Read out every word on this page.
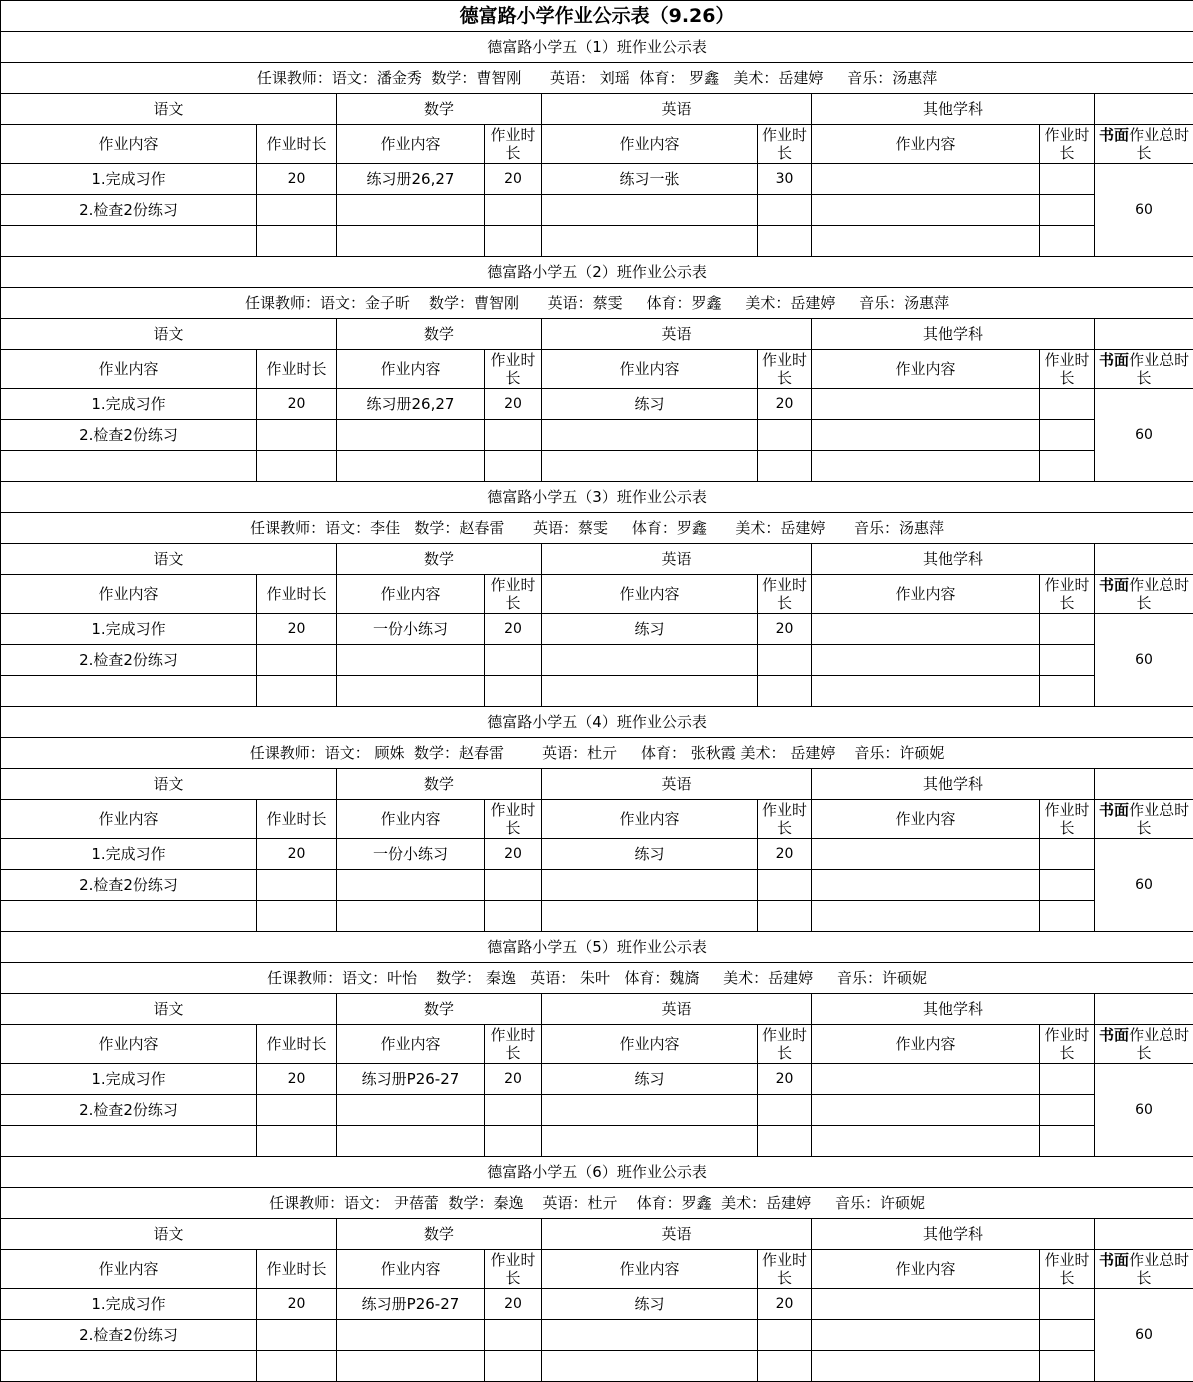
德富路小学作业公示表（9.26）								
德富路小学五（1）班作业公示表								
任课教师：语文：潘金秀  数学：曹智刚      英语： 刘瑶  体育： 罗鑫   美术：岳建婷     音乐：汤惠萍								
语文		数学		英语		其他学科		
作业内容	作业时长	作业内容	作业时长	作业内容	作业时长	作业内容	作业时长	书面作业总时长
1.完成习作	20	练习册26,27	20	练习一张	30			60
2.检查2份练习								

德富路小学五（2）班作业公示表								
任课教师：语文：金子昕    数学：曹智刚      英语：蔡雯     体育：罗鑫     美术：岳建婷     音乐：汤惠萍								
语文		数学		英语		其他学科		
作业内容	作业时长	作业内容	作业时长	作业内容	作业时长	作业内容	作业时长	书面作业总时长
1.完成习作	20	练习册26,27	20	练习	20			60
2.检查2份练习								

德富路小学五（3）班作业公示表								
任课教师：语文：李佳   数学：赵春雷      英语：蔡雯     体育：罗鑫      美术：岳建婷      音乐：汤惠萍								
语文		数学		英语		其他学科		
作业内容	作业时长	作业内容	作业时长	作业内容	作业时长	作业内容	作业时长	书面作业总时长
1.完成习作	20	一份小练习	20	练习	20			60
2.检查2份练习								

德富路小学五（4）班作业公示表								
任课教师：语文： 顾姝  数学：赵春雷        英语：杜亓     体育： 张秋霞 美术： 岳建婷    音乐：许硕妮								
语文		数学		英语		其他学科		
作业内容	作业时长	作业内容	作业时长	作业内容	作业时长	作业内容	作业时长	书面作业总时长
1.完成习作	20	一份小练习	20	练习	20			60
2.检查2份练习								

德富路小学五（5）班作业公示表								
任课教师：语文：叶怡    数学： 秦逸   英语： 朱叶   体育：魏旖     美术：岳建婷     音乐：许硕妮								
语文		数学		英语		其他学科		
作业内容	作业时长	作业内容	作业时长	作业内容	作业时长	作业内容	作业时长	书面作业总时长
1.完成习作	20	练习册P26-27	20	练习	20			60
2.检查2份练习								

德富路小学五（6）班作业公示表								
任课教师：语文： 尹蓓蕾  数学：秦逸    英语：杜亓    体育：罗鑫  美术：岳建婷     音乐：许硕妮								
语文		数学		英语		其他学科		
作业内容	作业时长	作业内容	作业时长	作业内容	作业时长	作业内容	作业时长	书面作业总时长
1.完成习作	20	练习册P26-27	20	练习	20			60
2.检查2份练习								
